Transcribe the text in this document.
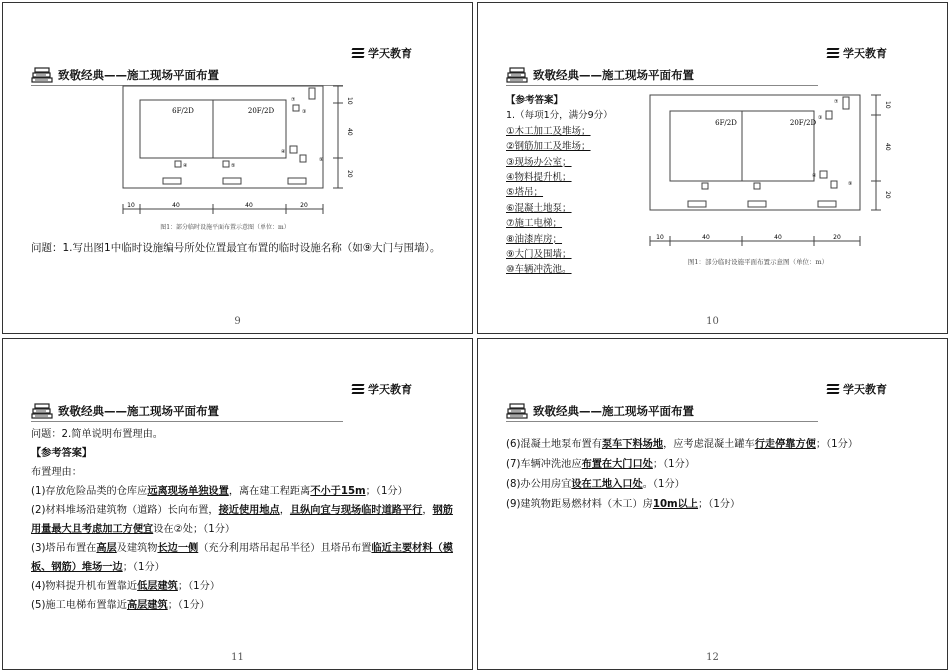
学天教育
致敬经典——施工现场平面布置
6F/2D	20F/2D
⑦
③
④
⑨
④	⑤
10
40
20
10	40	40	20
图1：部分临时设施平面布置示意图（单位：m）

问题：1.写出图1中临时设施编号所处位置最宜布置的临时设施名称（如⑨大门与围墙）。

9
学天教育
致敬经典——施工现场平面布置
【参考答案】
1.（每项1分，满分9分）
①木工加工及堆场；
②钢筋加工及堆场；
③现场办公室；
④物料提升机；
⑤塔吊；
⑥混凝土地泵；
⑦施工电梯；
⑧油漆库房；
⑨大门及围墙；
⑩车辆冲洗池。
6F/2D	20F/2D
⑦
③
④
⑨
10
40
20
10	40	40	20
图1：部分临时设施平面布置示意图（单位：m）
10
学天教育
致敬经典——施工现场平面布置

问题：2.简单说明布置理由。

【参考答案】

布置理由：

(1)存放危险品类的仓库应远离现场单独设置，离在建工程距离不小于15m；（1分）

(2)材料堆场沿建筑物（道路）长向布置，接近使用地点，且纵向宜与现场临时道路平行，钢筋用量最大且考虑加工方便宜设在②处；（1分）

(3)塔吊布置在高层及建筑物长边一侧（充分利用塔吊起吊半径）且塔吊布置临近主要材料（模板、钢筋）堆场一边；（1分）

(4)物料提升机布置靠近低层建筑；（1分）

(5)施工电梯布置靠近高层建筑；（1分）

11
学天教育
致敬经典——施工现场平面布置

(6)混凝土地泵布置有泵车下料场地，应考虑混凝土罐车行走停靠方便；（1分）

(7)车辆冲洗池应布置在大门口处；（1分）

(8)办公用房宜设在工地入口处。（1分）

(9)建筑物距易燃材料（木工）房10m以上；（1分）

12
